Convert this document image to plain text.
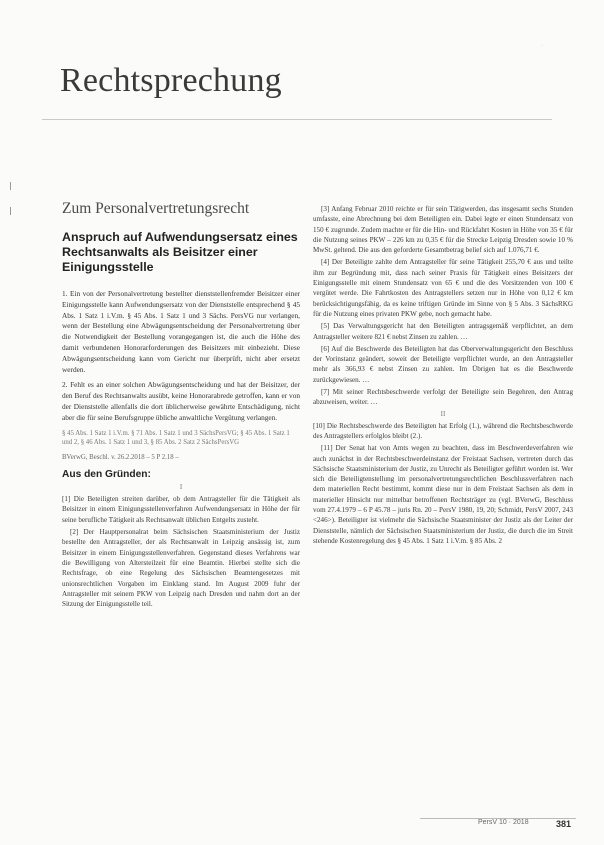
·
Rechtsprechung
Zum Personalvertretungsrecht
Anspruch auf Aufwendungsersatz eines Rechtsanwalts als Beisitzer einer Einigungsstelle

1. Ein von der Personalvertretung bestellter dienststellenfremder Beisitzer einer Einigungsstelle kann Aufwendungsersatz von der Dienststelle entsprechend § 45 Abs. 1 Satz 1 i.V.m. § 45 Abs. 1 Satz 1 und 3 Sächs. PersVG nur verlangen, wenn der Bestellung eine Abwägungsentscheidung der Personalvertretung über die Notwendigkeit der Bestellung vorangegangen ist, die auch die Höhe des damit verbundenen Honorarforderungen des Beisitzers mit einbezieht. Diese Abwägungsentscheidung kann vom Gericht nur überprüft, nicht aber ersetzt werden.

2. Fehlt es an einer solchen Abwägungsentscheidung und hat der Beisitzer, der den Beruf des Rechtsanwalts ausübt, keine Honorarabrede getroffen, kann er von der Dienststelle allenfalls die dort üblicherweise gewährte Entschädigung, nicht aber die für seine Berufsgruppe übliche anwaltliche Vergütung verlangen.

§ 45 Abs. 1 Satz 1 i.V.m. § 71 Abs. 1 Satz 1 und 3 SächsPersVG; § 45 Abs. 1 Satz 1 und 2, § 46 Abs. 1 Satz 1 und 3, § 85 Abs. 2 Satz 2 SächsPersVG
BVerwG, Beschl. v. 26.2.2018 – 5 P 2.18 –
Aus den Gründen:
I

[1] Die Beteiligten streiten darüber, ob dem Antragsteller für die Tätigkeit als Beisitzer in einem Einigungsstellenverfahren Aufwendungsersatz in Höhe der für seine berufliche Tätigkeit als Rechtsanwalt üblichen Entgelts zusteht.

[2] Der Hauptpersonalrat beim Sächsischen Staatsministerium der Justiz bestellte den Antragsteller, der als Rechtsanwalt in Leipzig ansässig ist, zum Beisitzer in einem Einigungsstellenverfahren. Gegenstand dieses Verfahrens war die Bewilligung von Altersteilzeit für eine Beamtin. Hierbei stellte sich die Rechtsfrage, ob eine Regelung des Sächsischen Beamtengesetzes mit unionsrechtlichen Vorgaben im Einklang stand. Im August 2009 fuhr der Antragsteller mit seinem PKW von Leipzig nach Dresden und nahm dort an der Sitzung der Einigungsstelle teil.

[3] Anfang Februar 2010 reichte er für sein Tätigwerden, das insgesamt sechs Stunden umfasste, eine Abrechnung bei dem Beteiligten ein. Dabei legte er einen Stundensatz von 150 € zugrunde. Zudem machte er für die Hin- und Rückfahrt Kosten in Höhe von 35 € für die Nutzung seines PKW – 226 km zu 0,35 € für die Strecke Leipzig Dresden sowie 10 % MwSt. geltend. Die aus den geforderte Gesamtbetrag belief sich auf 1.076,71 €.

[4] Der Beteiligte zahlte dem Antragsteller für seine Tätigkeit 255,70 € aus und teilte ihm zur Begründung mit, dass nach seiner Praxis für Tätigkeit eines Beisitzers der Einigungsstelle mit einem Stundensatz von 65 € und die des Vorsitzenden von 100 € vergütet werde. Die Fahrtkosten des Antragstellers setzen nur in Höhe von 0,12 € km berücksichtigungsfähig, da es keine triftigen Gründe im Sinne von § 5 Abs. 3 SächsRKG für die Nutzung eines privaten PKW gebe, noch gemacht habe.

[5] Das Verwaltungsgericht hat den Beteiligten antragsgemäß verpflichtet, an dem Antragsteller weitere 821 € nebst Zinsen zu zahlen. …

[6] Auf die Beschwerde des Beteiligten hat das Oberverwaltungsgericht den Beschluss der Vorinstanz geändert, soweit der Beteiligte verpflichtet wurde, an den Antragsteller mehr als 366,93 € nebst Zinsen zu zahlen. Im Übrigen hat es die Beschwerde zurückgewiesen. …

[7] Mit seiner Rechtsbeschwerde verfolgt der Beteiligte sein Begehren, den Antrag abzuweisen, weiter. …

II

[10] Die Rechtsbeschwerde des Beteiligten hat Erfolg (1.), während die Rechtsbeschwerde des Antragstellers erfolglos bleibt (2.).

[11] Der Senat hat von Amts wegen zu beachten, dass im Beschwerdeverfahren wie auch zunächst in der Rechtsbeschwerdeinstanz der Freistaat Sachsen, vertreten durch das Sächsische Staatsministerium der Justiz, zu Unrecht als Beteiligter geführt worden ist. Wer sich die Beteiligtenstellung im personalvertretungsrechtlichen Beschlussverfahren nach dem materiellen Recht bestimmt, kommt diese nur in dem Freistaat Sachsen als dem in materieller Hinsicht nur mittelbar betroffenen Rechtsträger zu (vgl. BVerwG, Beschluss vom 27.4.1979 – 6 P 45.78 – juris Rn. 20 – PersV 1980, 19, 20; Schmidt, PersV 2007, 243 <246>). Beteiligter ist vielmehr die Sächsische Staatsminister der Justiz als der Leiter der Dienststelle, nämlich der Sächsischen Staatsministerium der Justiz, die durch die im Streit stehende Kostenregelung des § 45 Abs. 1 Satz 1 i.V.m. § 85 Abs. 2

PersV 10 · 2018	381
